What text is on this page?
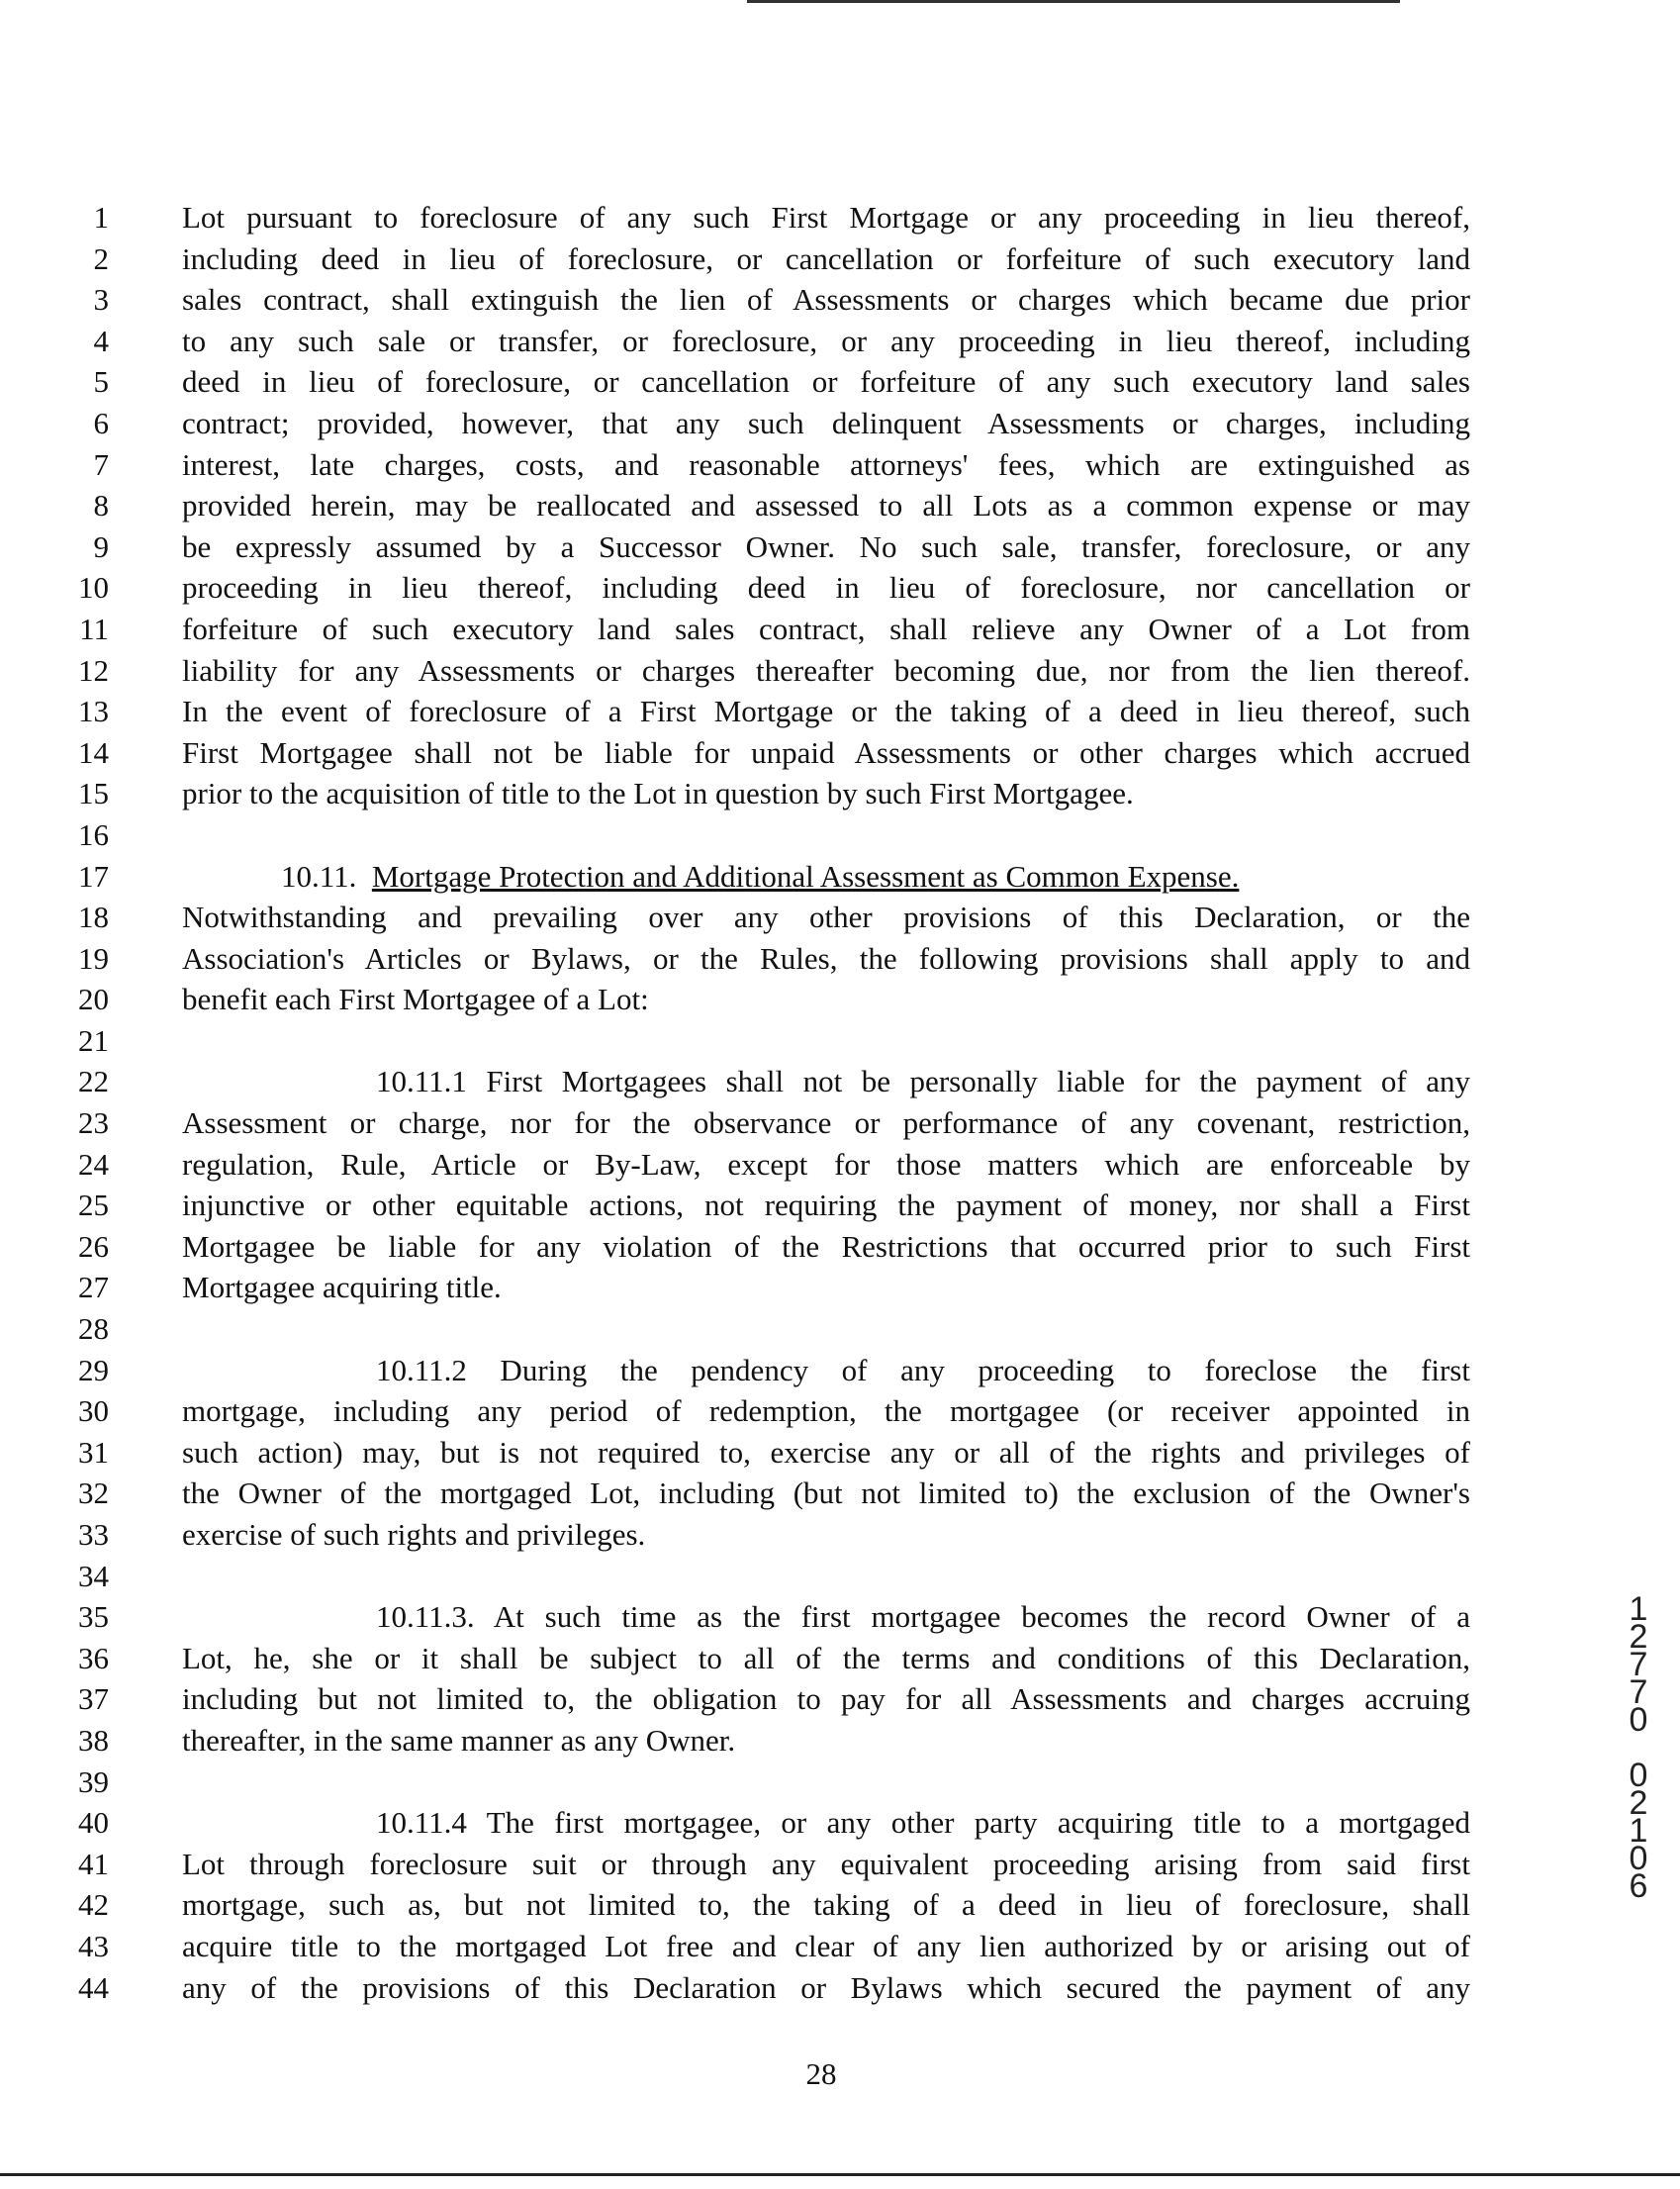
1
2
3
4
5
6
7
8
9
10
11
12
13
14
15
16
17
18
19
20
21
22
23
24
25
26
27
28
29
30
31
32
33
34
35
36
37
38
39
40
41
42
43
44
Lot pursuant to foreclosure of any such First Mortgage or any proceeding in lieu thereof,
including deed in lieu of foreclosure, or cancellation or forfeiture of such executory land
sales contract, shall extinguish the lien of Assessments or charges which became due prior
to any such sale or transfer, or foreclosure, or any proceeding in lieu thereof, including
deed in lieu of foreclosure, or cancellation or forfeiture of any such executory land sales
contract; provided, however, that any such delinquent Assessments or charges, including
interest, late charges, costs, and reasonable attorneys' fees, which are extinguished as
provided herein, may be reallocated and assessed to all Lots as a common expense or may
be expressly assumed by a Successor Owner. No such sale, transfer, foreclosure, or any
proceeding in lieu thereof, including deed in lieu of foreclosure, nor cancellation or
forfeiture of such executory land sales contract, shall relieve any Owner of a Lot from
liability for any Assessments or charges thereafter becoming due, nor from the lien thereof.
In the event of foreclosure of a First Mortgage or the taking of a deed in lieu thereof, such
First Mortgagee shall not be liable for unpaid Assessments or other charges which accrued
prior to the acquisition of title to the Lot in question by such First Mortgagee.
10.11. Mortgage Protection and Additional Assessment as Common Expense.
Notwithstanding and prevailing over any other provisions of this Declaration, or the
Association's Articles or Bylaws, or the Rules, the following provisions shall apply to and
benefit each First Mortgagee of a Lot:
10.11.1 First Mortgagees shall not be personally liable for the payment of any
Assessment or charge, nor for the observance or performance of any covenant, restriction,
regulation, Rule, Article or By-Law, except for those matters which are enforceable by
injunctive or other equitable actions, not requiring the payment of money, nor shall a First
Mortgagee be liable for any violation of the Restrictions that occurred prior to such First
Mortgagee acquiring title.
10.11.2 During the pendency of any proceeding to foreclose the first
mortgage, including any period of redemption, the mortgagee (or receiver appointed in
such action) may, but is not required to, exercise any or all of the rights and privileges of
the Owner of the mortgaged Lot, including (but not limited to) the exclusion of the Owner's
exercise of such rights and privileges.
10.11.3. At such time as the first mortgagee becomes the record Owner of a
Lot, he, she or it shall be subject to all of the terms and conditions of this Declaration,
including but not limited to, the obligation to pay for all Assessments and charges accruing
thereafter, in the same manner as any Owner.
10.11.4 The first mortgagee, or any other party acquiring title to a mortgaged
Lot through foreclosure suit or through any equivalent proceeding arising from said first
mortgage, such as, but not limited to, the taking of a deed in lieu of foreclosure, shall
acquire title to the mortgaged Lot free and clear of any lien authorized by or arising out of
any of the provisions of this Declaration or Bylaws which secured the payment of any
28
1
2
7
7
0

0
2
1
0
6
